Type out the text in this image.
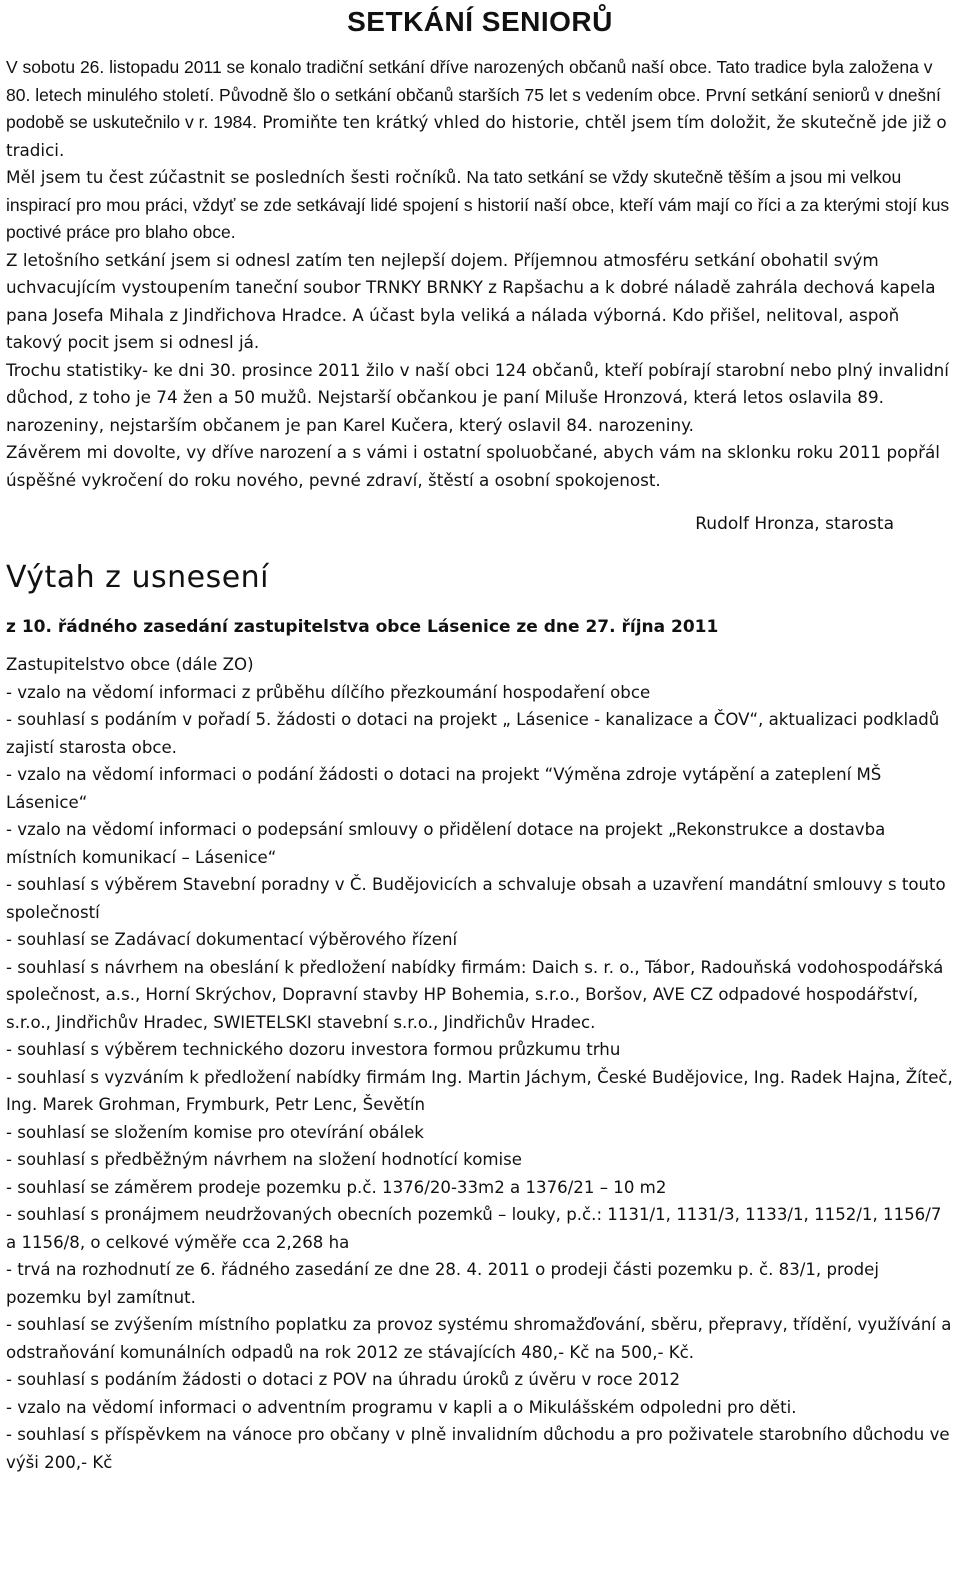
SETKÁNÍ SENIORŮ

V sobotu 26. listopadu 2011 se konalo tradiční setkání dříve narozených občanů naší obce. Tato tradice byla založena v 80. letech minulého století. Původně šlo o setkání občanů starších 75 let s vedením obce. První setkání seniorů v dnešní podobě se uskutečnilo v r. 1984. Promiňte ten krátký vhled do historie, chtěl jsem tím doložit, že skutečně jde již o tradici.

Měl jsem tu čest zúčastnit se posledních šesti ročníků. Na tato setkání se vždy skutečně těším a jsou mi velkou inspirací pro mou práci, vždyť se zde setkávají lidé spojení s historií naší obce, kteří vám mají co říci a za kterými stojí kus poctivé práce pro blaho obce.

Z letošního setkání jsem si odnesl zatím ten nejlepší dojem. Příjemnou atmosféru setkání obohatil svým uchvacujícím vystoupením taneční soubor TRNKY BRNKY z Rapšachu a k dobré náladě zahrála dechová kapela pana Josefa Mihala z Jindřichova Hradce. A účast byla veliká a nálada výborná. Kdo přišel, nelitoval, aspoň takový pocit jsem si odnesl já.

Trochu statistiky- ke dni 30. prosince 2011 žilo v naší obci 124 občanů, kteří pobírají starobní nebo plný invalidní důchod, z toho je 74 žen a 50 mužů. Nejstarší občankou je paní Miluše Hronzová, která letos oslavila 89. narozeniny, nejstarším občanem je pan Karel Kučera, který oslavil 84. narozeniny.

Závěrem mi dovolte, vy dříve narození a s vámi i ostatní spoluobčané, abych vám na sklonku roku 2011 popřál úspěšné vykročení do roku nového, pevné zdraví, štěstí a osobní spokojenost.

Rudolf Hronza, starosta
Výtah z usnesení
z 10. řádného zasedání zastupitelstva obce Lásenice ze dne 27. října 2011

Zastupitelstvo obce (dále ZO)

- vzalo na vědomí informaci z průběhu dílčího přezkoumání hospodaření obce

- souhlasí s podáním v pořadí 5. žádosti o dotaci na projekt „ Lásenice - kanalizace a ČOV“, aktualizaci podkladů zajistí starosta obce.

- vzalo na vědomí informaci o podání žádosti o dotaci na projekt “Výměna zdroje vytápění a zateplení MŠ Lásenice“

- vzalo na vědomí informaci o podepsání smlouvy o přidělení dotace na projekt „Rekonstrukce a dostavba místních komunikací – Lásenice“

- souhlasí s výběrem Stavební poradny v Č. Budějovicích a schvaluje obsah a uzavření mandátní smlouvy s touto společností

- souhlasí se Zadávací dokumentací výběrového řízení

- souhlasí s návrhem na obeslání k předložení nabídky firmám: Daich s. r. o., Tábor, Radouňská vodohospodářská společnost, a.s., Horní Skrýchov, Dopravní stavby HP Bohemia, s.r.o., Boršov, AVE CZ odpadové hospodářství, s.r.o., Jindřichův Hradec, SWIETELSKI stavební s.r.o., Jindřichův Hradec.

- souhlasí s výběrem technického dozoru investora formou průzkumu trhu

- souhlasí s vyzváním k předložení nabídky firmám Ing. Martin Jáchym, České Budějovice, Ing. Radek Hajna, Žíteč, Ing. Marek Grohman, Frymburk, Petr Lenc, Ševětín

- souhlasí se složením komise pro otevírání obálek

- souhlasí s předběžným návrhem na složení hodnotící komise

- souhlasí se záměrem prodeje pozemku p.č. 1376/20-33m2 a 1376/21 – 10 m2

- souhlasí s pronájmem neudržovaných obecních pozemků – louky, p.č.: 1131/1, 1131/3, 1133/1, 1152/1, 1156/7 a 1156/8, o celkové výměře cca 2,268 ha

- trvá na rozhodnutí ze 6. řádného zasedání ze dne 28. 4. 2011 o prodeji části pozemku p. č. 83/1, prodej pozemku byl zamítnut.

- souhlasí se zvýšením místního poplatku za provoz systému shromažďování, sběru, přepravy, třídění, využívání a odstraňování komunálních odpadů na rok 2012 ze stávajících 480,- Kč na 500,- Kč.

- souhlasí s podáním žádosti o dotaci z POV na úhradu úroků z úvěru v roce 2012

- vzalo na vědomí informaci o adventním programu v kapli a o Mikulášském odpoledni pro děti.

- souhlasí s příspěvkem na vánoce pro občany v plně invalidním důchodu a pro poživatele starobního důchodu ve výši 200,- Kč
